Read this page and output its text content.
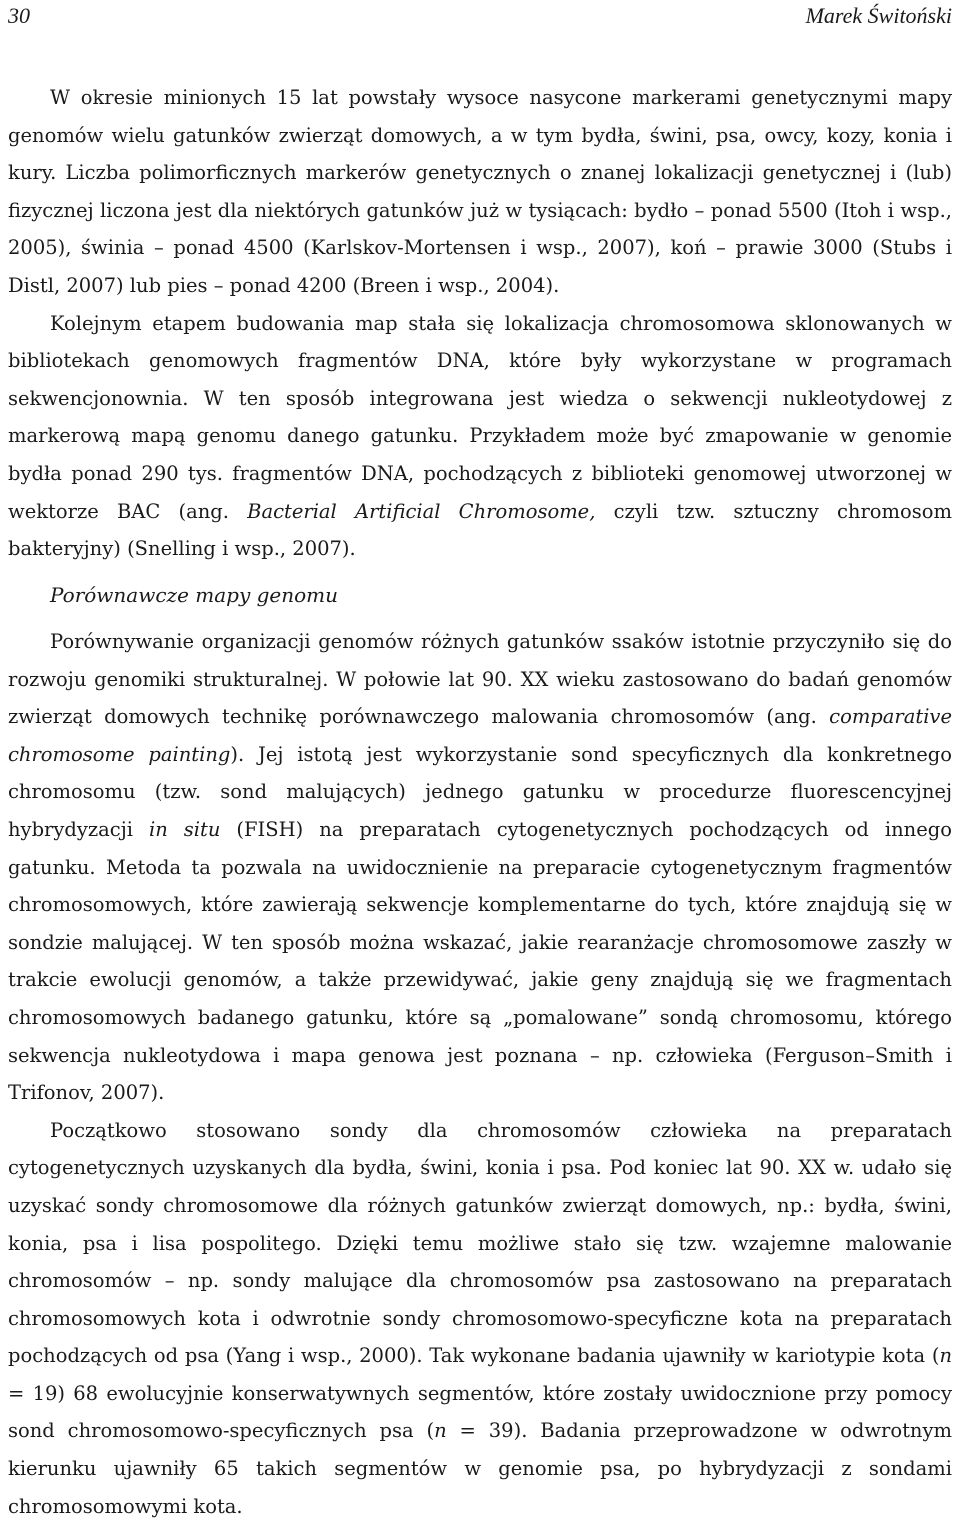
30	Marek Świtoński
W okresie minionych 15 lat powstały wysoce nasycone markerami genetycznymi mapy genomów wielu gatunków zwierząt domowych, a w tym bydła, świni, psa, owcy, kozy, konia i kury. Liczba polimorficznych markerów genetycznych o znanej lokalizacji genetycznej i (lub) fizycznej liczona jest dla niektórych gatunków już w tysiącach: bydło – ponad 5500 (Itoh i wsp., 2005), świnia – ponad 4500 (Karlskov-Mortensen i wsp., 2007), koń – prawie 3000 (Stubs i Distl, 2007) lub pies – ponad 4200 (Breen i wsp., 2004).
Kolejnym etapem budowania map stała się lokalizacja chromosomowa sklonowanych w bibliotekach genomowych fragmentów DNA, które były wykorzystane w programach sekwencjonownia. W ten sposób integrowana jest wiedza o sekwencji nukleotydowej z markerową mapą genomu danego gatunku. Przykładem może być zmapowanie w genomie bydła ponad 290 tys. fragmentów DNA, pochodzących z biblioteki genomowej utworzonej w wektorze BAC (ang. Bacterial Artificial Chromosome, czyli tzw. sztuczny chromosom bakteryjny) (Snelling i wsp., 2007).
Porównawcze mapy genomu

Porównywanie organizacji genomów różnych gatunków ssaków istotnie przyczyniło się do rozwoju genomiki strukturalnej. W połowie lat 90. XX wieku zastosowano do badań genomów zwierząt domowych technikę porównawczego malowania chromosomów (ang. comparative chromosome painting). Jej istotą jest wykorzystanie sond specyficznych dla konkretnego chromosomu (tzw. sond malujących) jednego gatunku w procedurze fluorescencyjnej hybrydyzacji in situ (FISH) na preparatach cytogenetycznych pochodzących od innego gatunku. Metoda ta pozwala na uwidocznienie na preparacie cytogenetycznym fragmentów chromosomowych, które zawierają sekwencje komplementarne do tych, które znajdują się w sondzie malującej. W ten sposób można wskazać, jakie rearanżacje chromosomowe zaszły w trakcie ewolucji genomów, a także przewidywać, jakie geny znajdują się we fragmentach chromosomowych badanego gatunku, które są „pomalowane” sondą chromosomu, którego sekwencja nukleotydowa i mapa genowa jest poznana – np. człowieka (Ferguson–Smith i Trifonov, 2007).

Początkowo stosowano sondy dla chromosomów człowieka na preparatach cytogenetycznych uzyskanych dla bydła, świni, konia i psa. Pod koniec lat 90. XX w. udało się uzyskać sondy chromosomowe dla różnych gatunków zwierząt domowych, np.: bydła, świni, konia, psa i lisa pospolitego. Dzięki temu możliwe stało się tzw. wzajemne malowanie chromosomów – np. sondy malujące dla chromosomów psa zastosowano na preparatach chromosomowych kota i odwrotnie sondy chromosomowo-specyficzne kota na preparatach pochodzących od psa (Yang i wsp., 2000). Tak wykonane badania ujawniły w kariotypie kota (n = 19) 68 ewolucyjnie konserwatywnych segmentów, które zostały uwidocznione przy pomocy sond chromosomowo-specyficznych psa (n = 39). Badania przeprowadzone w odwrotnym kierunku ujawniły 65 takich segmentów w genomie psa, po hybrydyzacji z sondami chromosomowymi kota.
